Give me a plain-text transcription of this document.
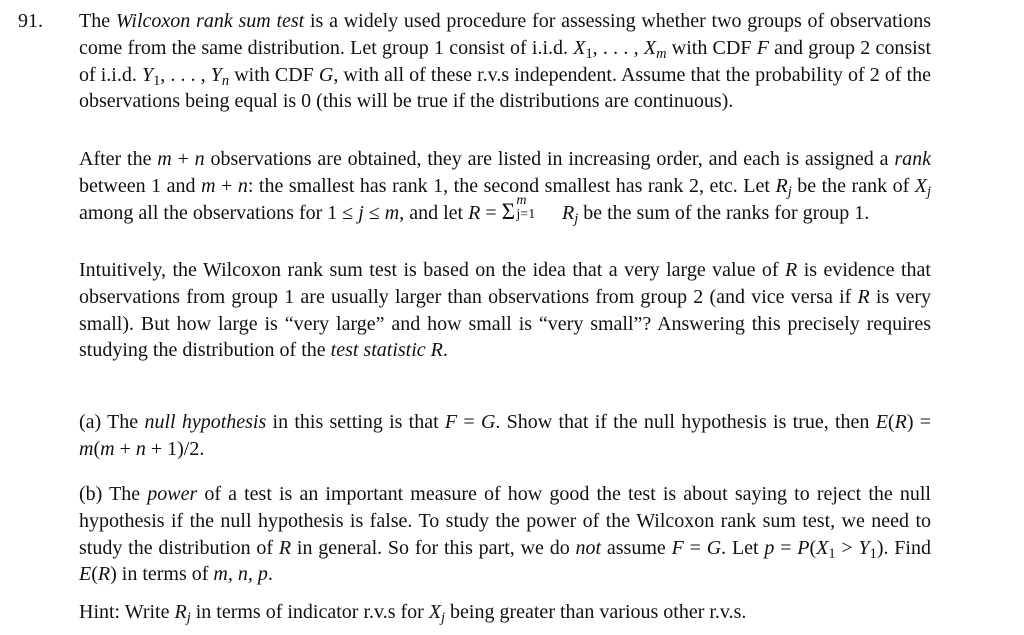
91. The Wilcoxon rank sum test is a widely used procedure for assessing whether two groups of observations come from the same distribution. Let group 1 consist of i.i.d. $X_1$, . . . , $X_m$ with CDF F and group 2 consist of i.i.d. $Y_1$, . . . , $Y_n$ with CDF G, with all of these r.v.s independent. Assume that the probability of 2 of the observations being equal is 0 (this will be true if the distributions are continuous).

After the m + n observations are obtained, they are listed in increasing order, and each is assigned a rank between 1 and m + n: the smallest has rank 1, the second smallest has rank 2, etc. Let $R_j$ be the rank of $X_j$ among all the observations for 1 ≤ j ≤ m, and let R = Σ m
j=1 $R_j$ be the sum of the ranks for group 1.

Intuitively, the Wilcoxon rank sum test is based on the idea that a very large value of R is evidence that observations from group 1 are usually larger than observations from group 2 (and vice versa if R is very small). But how large is “very large” and how small is “very small”? Answering this precisely requires studying the distribution of the test statistic R.

(a) The null hypothesis in this setting is that F = G. Show that if the null hypothesis is true, then E(R) = m(m + n + 1)/2.

(b) The power of a test is an important measure of how good the test is about saying to reject the null hypothesis if the null hypothesis is false. To study the power of the Wilcoxon rank sum test, we need to study the distribution of R in general. So for this part, we do not assume F = G. Let $p = P(X_1 > Y_1)$. Find E(R) in terms of m, n, p.

Hint: Write $R_j$ in terms of indicator r.v.s for $X_j$ being greater than various other r.v.s.
